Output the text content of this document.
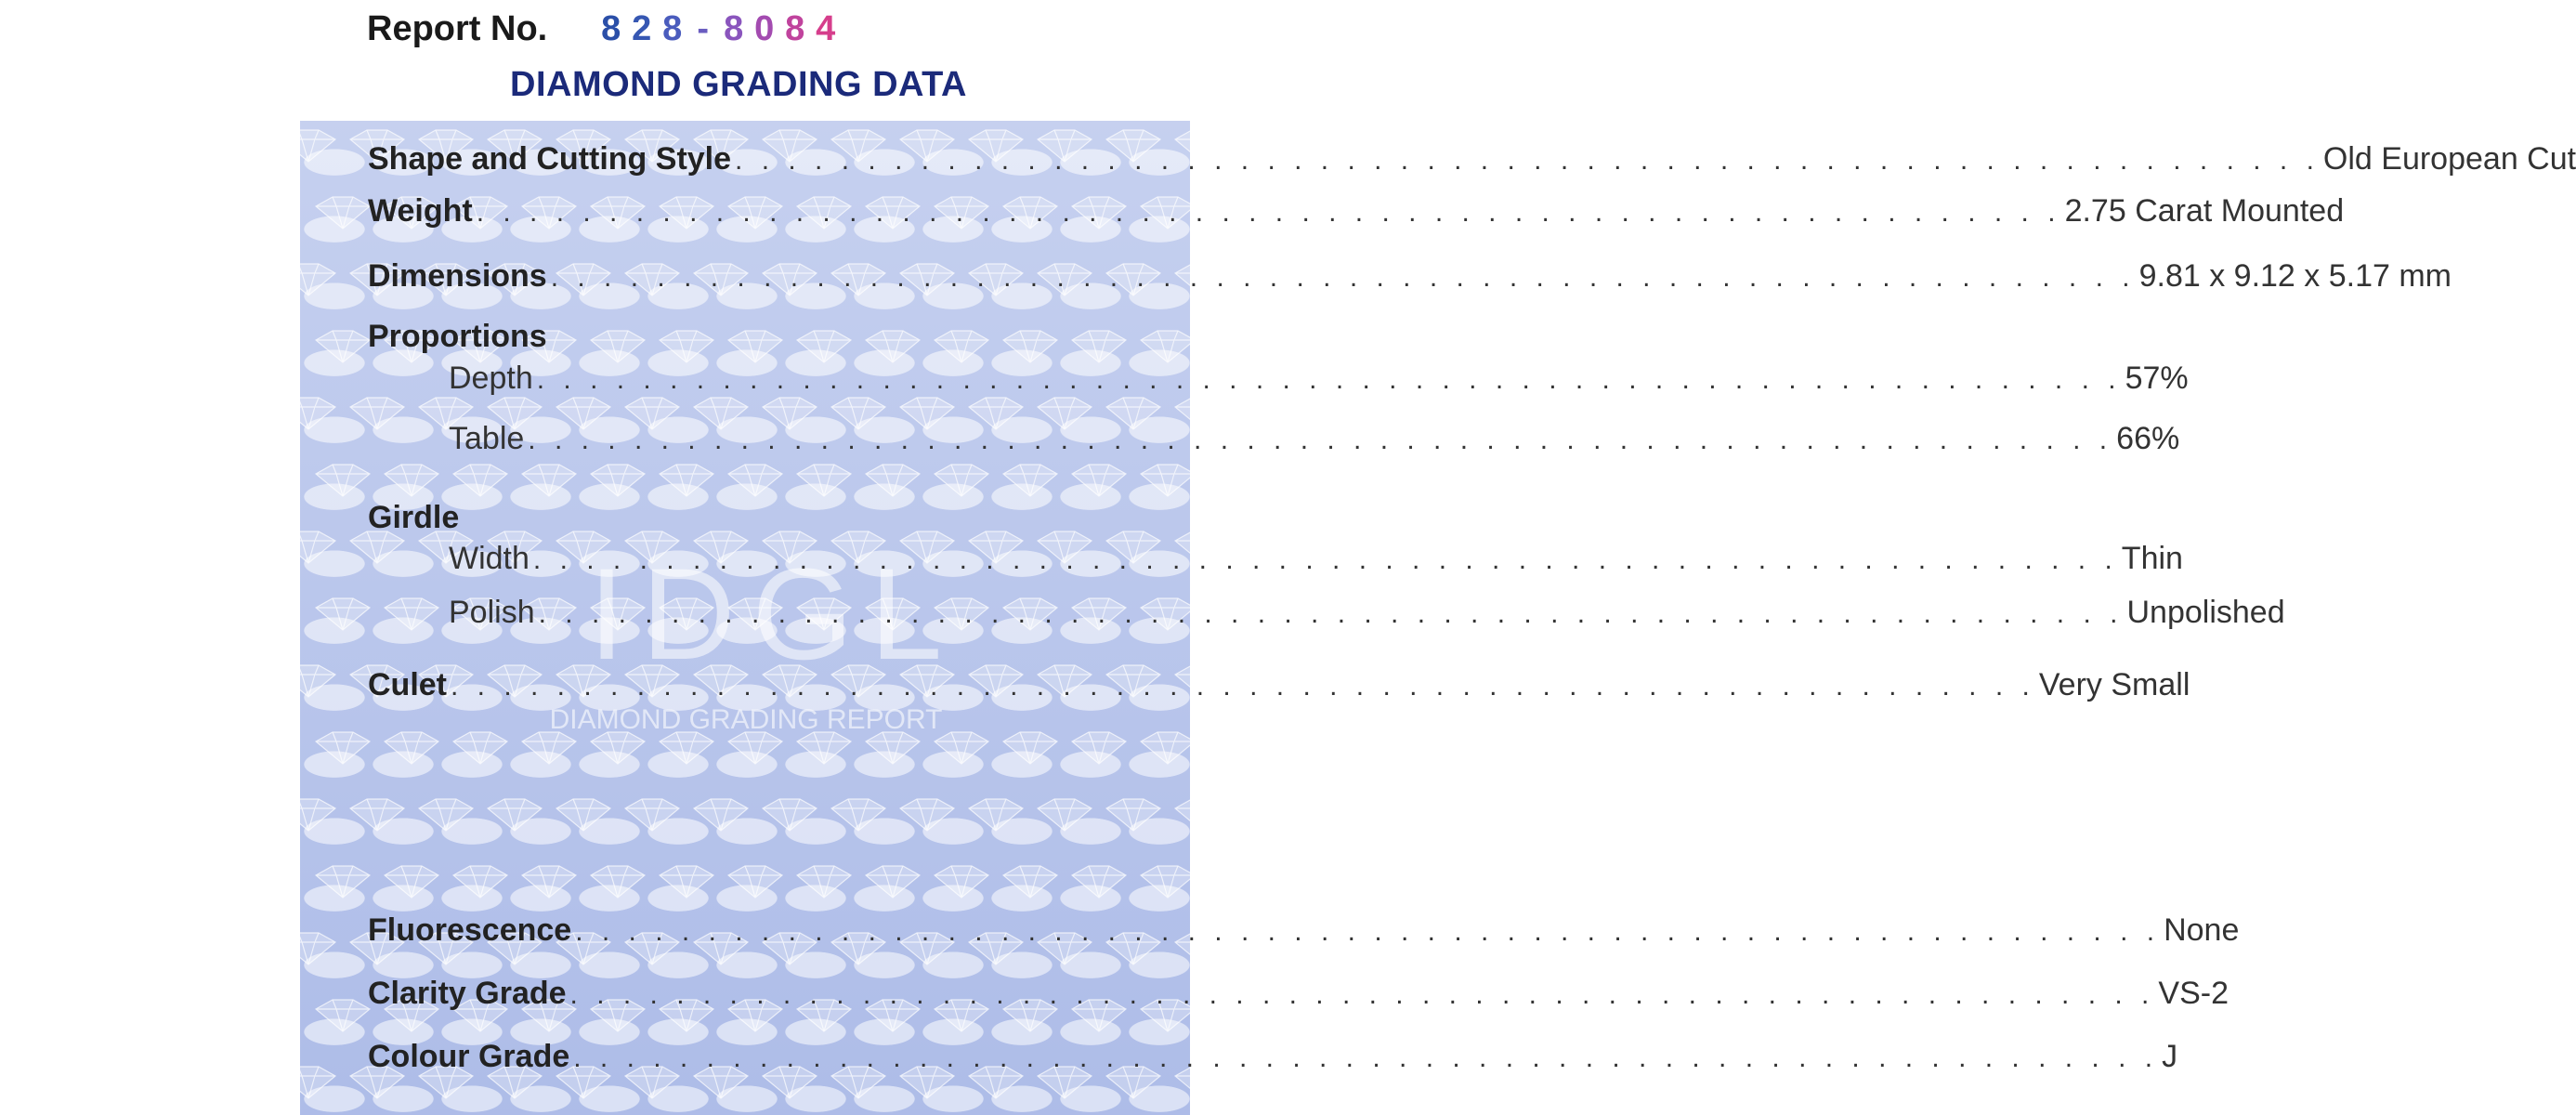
Report No. 8 2 8 - 8 0 8 4
DIAMOND GRADING DATA
IDGL
DIAMOND GRADING REPORT
Shape and Cutting Style . . . . . . . . . . . . . . . . . . . . . . . . . . . . . . . . . . . . . . . . . . . . . . . . . . . . . . . . . . . . Old European Cut
Weight . . . . . . . . . . . . . . . . . . . . . . . . . . . . . . . . . . . . . . . . . . . . . . . . . . . . . . . . . . . . 2.75 Carat Mounted
Dimensions . . . . . . . . . . . . . . . . . . . . . . . . . . . . . . . . . . . . . . . . . . . . . . . . . . . . . . . . . . . . 9.81 x 9.12 x 5.17 mm
Proportions
Depth . . . . . . . . . . . . . . . . . . . . . . . . . . . . . . . . . . . . . . . . . . . . . . . . . . . . . . . . . . . . 57%
Table . . . . . . . . . . . . . . . . . . . . . . . . . . . . . . . . . . . . . . . . . . . . . . . . . . . . . . . . . . . . 66%
Girdle
Width . . . . . . . . . . . . . . . . . . . . . . . . . . . . . . . . . . . . . . . . . . . . . . . . . . . . . . . . . . . . Thin
Polish . . . . . . . . . . . . . . . . . . . . . . . . . . . . . . . . . . . . . . . . . . . . . . . . . . . . . . . . . . . . Unpolished
Culet . . . . . . . . . . . . . . . . . . . . . . . . . . . . . . . . . . . . . . . . . . . . . . . . . . . . . . . . . . . . Very Small
Fluorescence . . . . . . . . . . . . . . . . . . . . . . . . . . . . . . . . . . . . . . . . . . . . . . . . . . . . . . . . . . . . None
Clarity Grade . . . . . . . . . . . . . . . . . . . . . . . . . . . . . . . . . . . . . . . . . . . . . . . . . . . . . . . . . . . . VS-2
Colour Grade . . . . . . . . . . . . . . . . . . . . . . . . . . . . . . . . . . . . . . . . . . . . . . . . . . . . . . . . . . . . J
